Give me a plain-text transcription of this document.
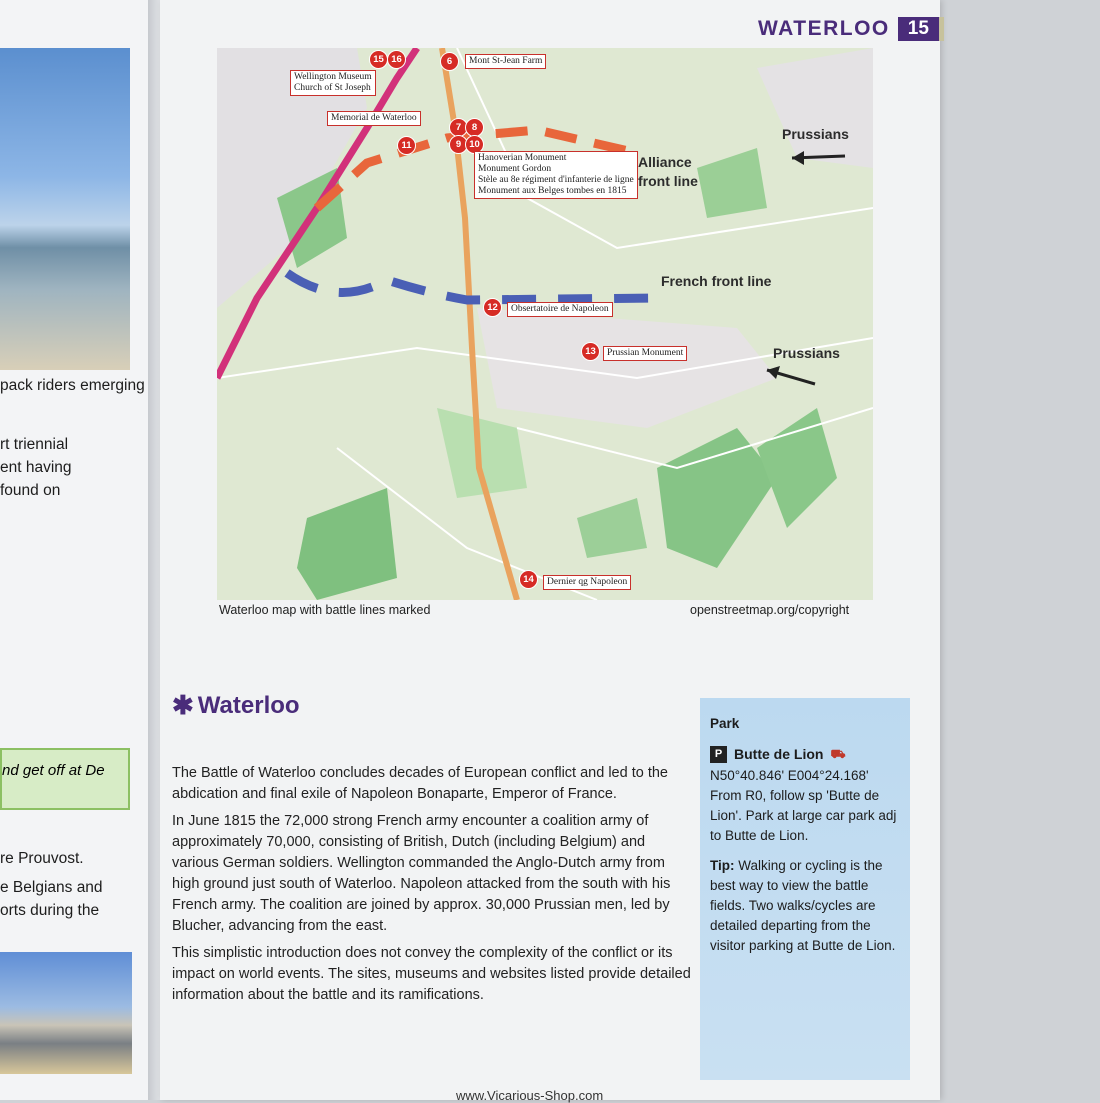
pack riders emerging
rt triennial
ent having
found on
nd get off at De
re Prouvost.
e Belgians and
orts during the
WATERLOO 15
15 16	6	Mont St-Jean Farm
Wellington Museum
Church of St Joseph
Memorial de Waterloo
11
7	8
9 10
Hanoverian Monument
Monument Gordon
Stèle au 8e régiment d'infanterie de ligne
Monument aux Belges tombes en 1815
12	Obsertatoire de Napoleon
13	Prussian Monument
14	Dernier qg Napoleon
Prussians
Alliance
front line
French front line
Prussians
Waterloo map with battle lines marked	openstreetmap.org/copyright
✱ Waterloo

The Battle of Waterloo concludes decades of European conflict and led to the abdication and final exile of Napoleon Bonaparte, Emperor of France.

In June 1815 the 72,000 strong French army encounter a coalition army of approximately 70,000, consisting of British, Dutch (including Belgium) and various German soldiers. Wellington commanded the Anglo-Dutch army from high ground just south of Waterloo. Napoleon attacked from the south with his French army. The coalition are joined by approx. 30,000 Prussian men, led by Blucher, advancing from the east.

This simplistic introduction does not convey the complexity of the conflict or its impact on world events. The sites, museums and websites listed provide detailed information about the battle and its ramifications.

Park
P Butte de Lion ⛟
N50°40.846' E004°24.168'
From R0, follow sp 'Butte de Lion'. Park at large car park adj to Butte de Lion.
Tip: Walking or cycling is the best way to view the battle fields. Two walks/cycles are detailed departing from the visitor parking at Butte de Lion.
www.Vicarious-Shop.com
